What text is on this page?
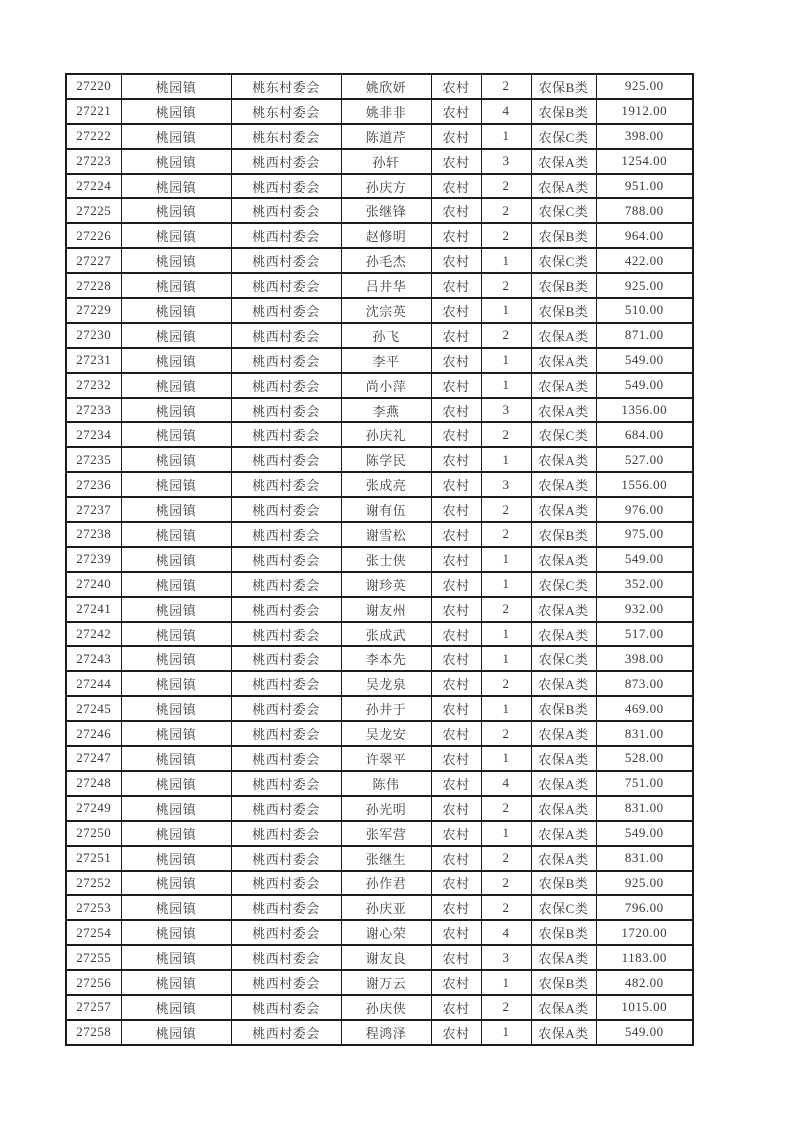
27220	桃园镇	桃东村委会	姚欣妍	农村	2	农保B类	925.00
27221	桃园镇	桃东村委会	姚非非	农村	4	农保B类	1912.00
27222	桃园镇	桃东村委会	陈道芹	农村	1	农保C类	398.00
27223	桃园镇	桃西村委会	孙轩	农村	3	农保A类	1254.00
27224	桃园镇	桃西村委会	孙庆方	农村	2	农保A类	951.00
27225	桃园镇	桃西村委会	张继锋	农村	2	农保C类	788.00
27226	桃园镇	桃西村委会	赵修明	农村	2	农保B类	964.00
27227	桃园镇	桃西村委会	孙毛杰	农村	1	农保C类	422.00
27228	桃园镇	桃西村委会	吕井华	农村	2	农保B类	925.00
27229	桃园镇	桃西村委会	沈宗英	农村	1	农保B类	510.00
27230	桃园镇	桃西村委会	孙飞	农村	2	农保A类	871.00
27231	桃园镇	桃西村委会	李平	农村	1	农保A类	549.00
27232	桃园镇	桃西村委会	尚小萍	农村	1	农保A类	549.00
27233	桃园镇	桃西村委会	李燕	农村	3	农保A类	1356.00
27234	桃园镇	桃西村委会	孙庆礼	农村	2	农保C类	684.00
27235	桃园镇	桃西村委会	陈学民	农村	1	农保A类	527.00
27236	桃园镇	桃西村委会	张成亮	农村	3	农保A类	1556.00
27237	桃园镇	桃西村委会	谢有伍	农村	2	农保A类	976.00
27238	桃园镇	桃西村委会	谢雪松	农村	2	农保B类	975.00
27239	桃园镇	桃西村委会	张士侠	农村	1	农保A类	549.00
27240	桃园镇	桃西村委会	谢珍英	农村	1	农保C类	352.00
27241	桃园镇	桃西村委会	谢友州	农村	2	农保A类	932.00
27242	桃园镇	桃西村委会	张成武	农村	1	农保A类	517.00
27243	桃园镇	桃西村委会	李本先	农村	1	农保C类	398.00
27244	桃园镇	桃西村委会	吴龙泉	农村	2	农保A类	873.00
27245	桃园镇	桃西村委会	孙井于	农村	1	农保B类	469.00
27246	桃园镇	桃西村委会	吴龙安	农村	2	农保A类	831.00
27247	桃园镇	桃西村委会	许翠平	农村	1	农保A类	528.00
27248	桃园镇	桃西村委会	陈伟	农村	4	农保A类	751.00
27249	桃园镇	桃西村委会	孙光明	农村	2	农保A类	831.00
27250	桃园镇	桃西村委会	张军营	农村	1	农保A类	549.00
27251	桃园镇	桃西村委会	张继生	农村	2	农保A类	831.00
27252	桃园镇	桃西村委会	孙作君	农村	2	农保B类	925.00
27253	桃园镇	桃西村委会	孙庆亚	农村	2	农保C类	796.00
27254	桃园镇	桃西村委会	谢心荣	农村	4	农保B类	1720.00
27255	桃园镇	桃西村委会	谢友良	农村	3	农保A类	1183.00
27256	桃园镇	桃西村委会	谢万云	农村	1	农保B类	482.00
27257	桃园镇	桃西村委会	孙庆侠	农村	2	农保A类	1015.00
27258	桃园镇	桃西村委会	程鸿泽	农村	1	农保A类	549.00
